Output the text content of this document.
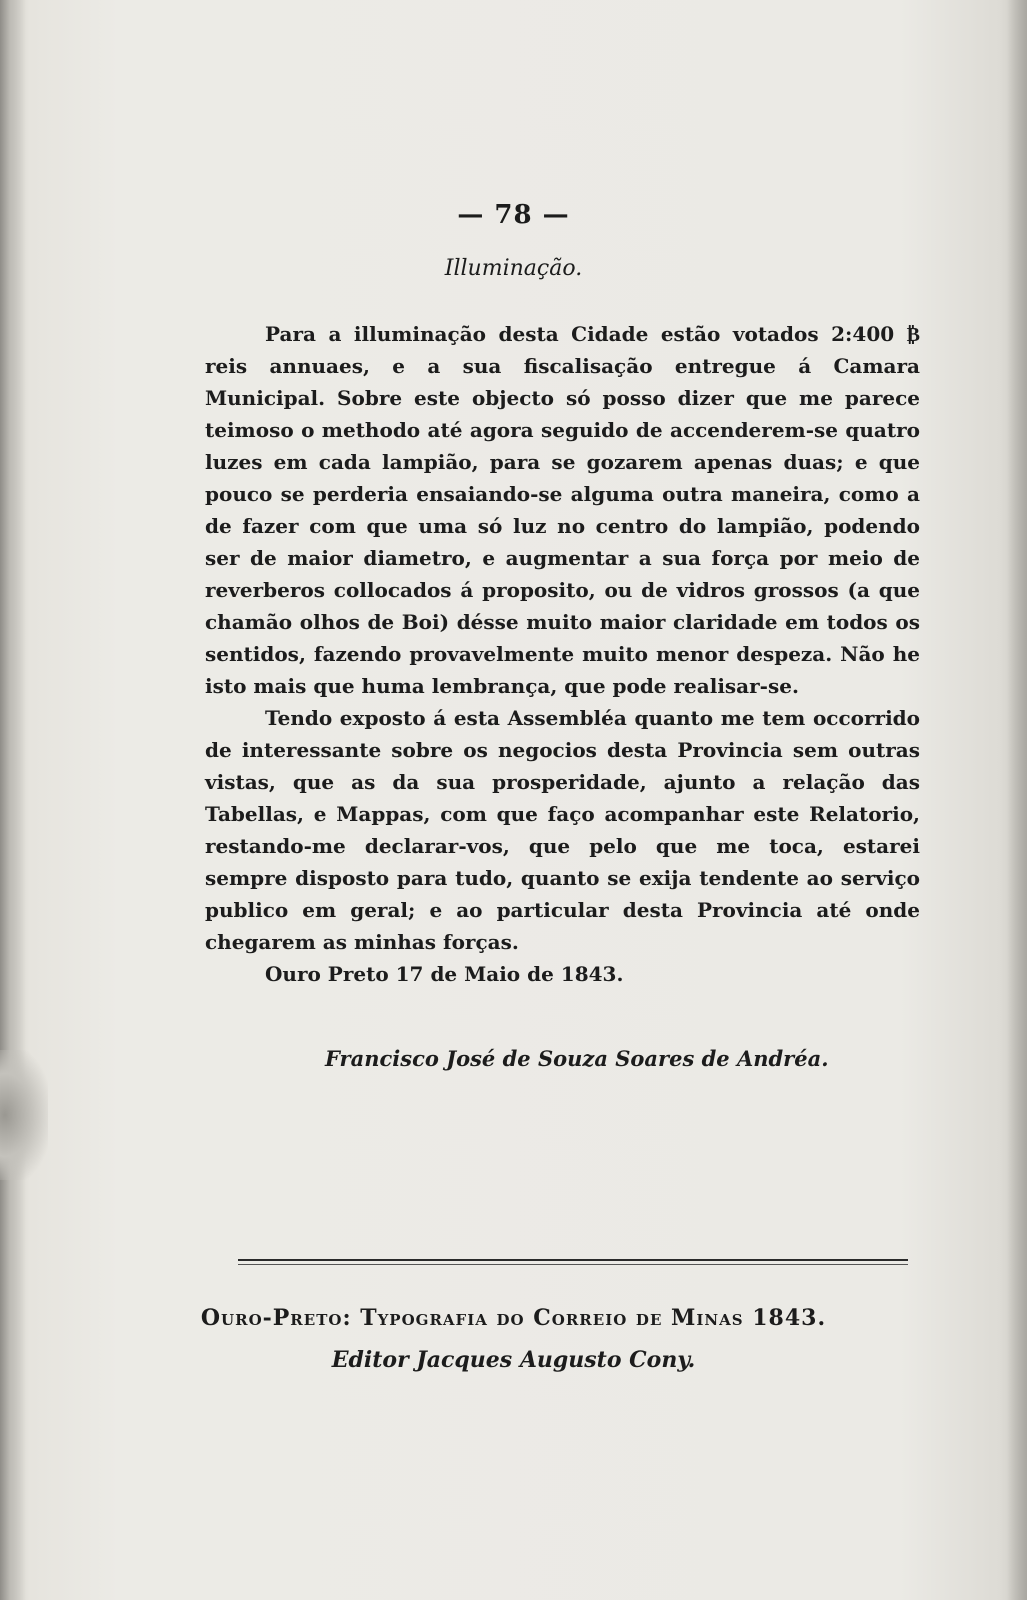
— 78 —
Illuminação.

Para a illuminação desta Cidade estão votados 2:400 ₿ reis annuaes, e a sua fiscalisação entregue á Camara Municipal. Sobre este objecto só posso dizer que me parece teimoso o methodo até agora seguido de accenderem-se quatro luzes em cada lampião, para se gozarem apenas duas; e que pouco se perderia ensaiando-se alguma outra maneira, como a de fazer com que uma só luz no centro do lampião, podendo ser de maior diametro, e augmentar a sua força por meio de reverberos collocados á proposito, ou de vidros grossos (a que chamão olhos de Boi) désse muito maior claridade em todos os sentidos, fazendo provavelmente muito menor despeza. Não he isto mais que huma lembrança, que pode realisar-se.

Tendo exposto á esta Assembléa quanto me tem occorrido de interessante sobre os negocios desta Provincia sem outras vistas, que as da sua prosperidade, ajunto a relação das Tabellas, e Mappas, com que faço acompanhar este Relatorio, restando-me declarar-vos, que pelo que me toca, estarei sempre disposto para tudo, quanto se exija tendente ao serviço publico em geral; e ao particular desta Provincia até onde chegarem as minhas forças.

Ouro Preto 17 de Maio de 1843.

Francisco José de Souza Soares de Andréa.
Ouro-Preto: Typografia do Correio de Minas 1843.
Editor Jacques Augusto Cony.
